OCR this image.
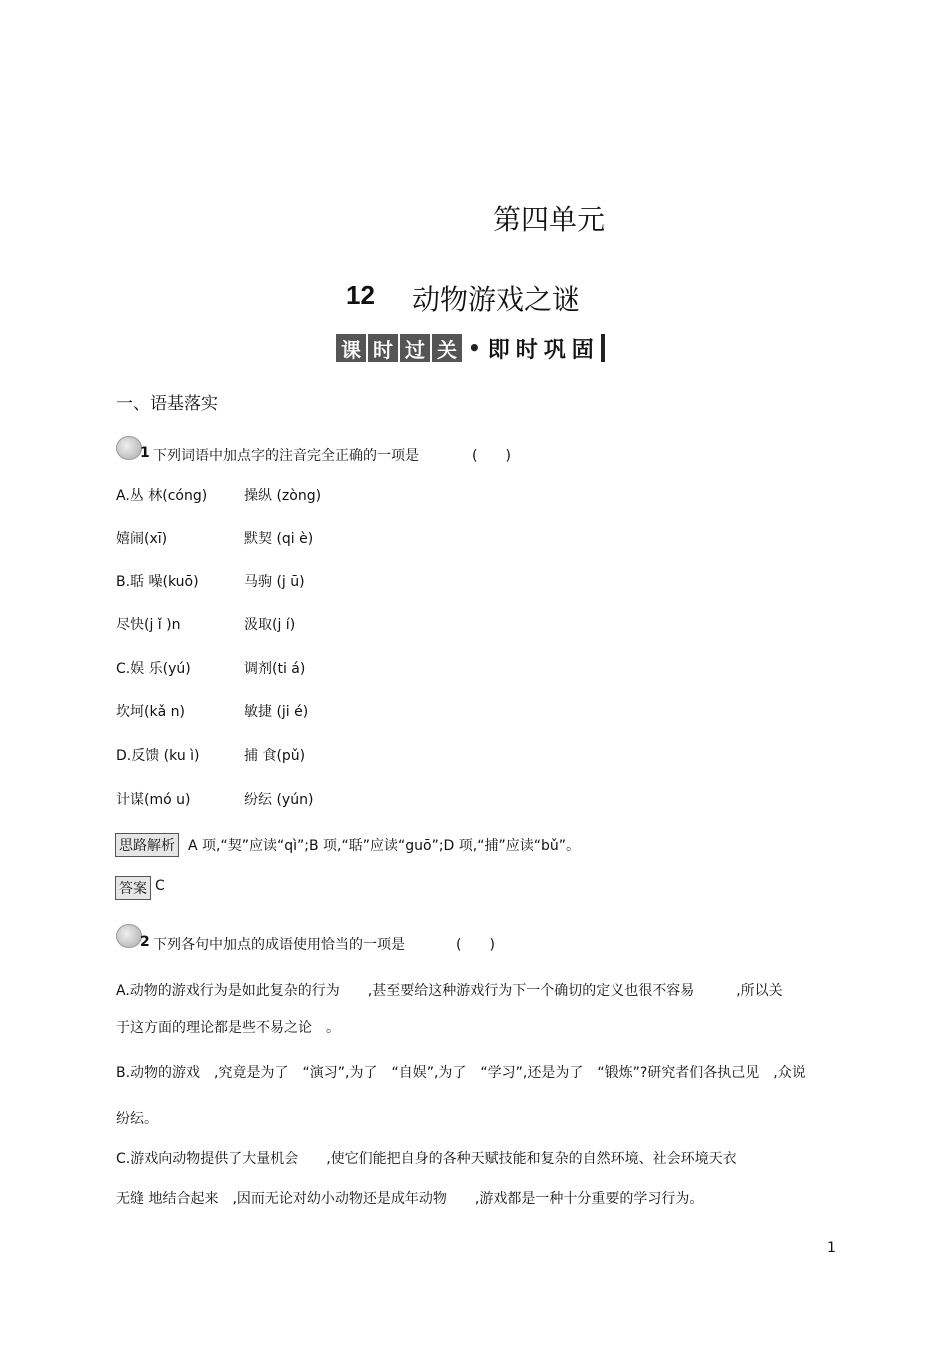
第四单元
12 动物游戏之谜
课 时 过 关 • 即 时 巩 固
一、语基落实
1 下列词语中加点字的注音完全正确的一项是	(　　)
A.丛 林(cóng)	操纵 (zòng)
嬉闹(xī)	默契 (qi è)
B.聒 噪(kuō)	马驹 (j ū)
尽快(j ǐ )n	汲取(j í)
C.娱 乐(yú)	调剂(ti á)
坎坷(kǎ n)	敏捷 (ji é)
D.反馈 (ku ì)	捕 食(pǔ)
计谋(mó u)	纷纭 (yún)
思路解析 A 项,“契”应读“qì”;B 项,“聒”应读“guō”;D 项,“捕”应读“bǔ”。
答案 C
2 下列各句中加点的成语使用恰当的一项是	(　　)
A.动物的游戏行为是如此复杂的行为　　,甚至要给这种游戏行为下一个确切的定义也很不容易　　　,所以关
于这方面的理论都是些不易之论　。
B.动物的游戏　,究竟是为了　“演习”,为了　“自娱”,为了　“学习”,还是为了　“锻炼”?研究者们各执己见　,众说
纷纭。
C.游戏向动物提供了大量机会　　,使它们能把自身的各种天赋技能和复杂的自然环境、社会环境天衣
无缝 地结合起来　,因而无论对幼小动物还是成年动物　　,游戏都是一种十分重要的学习行为。
1
